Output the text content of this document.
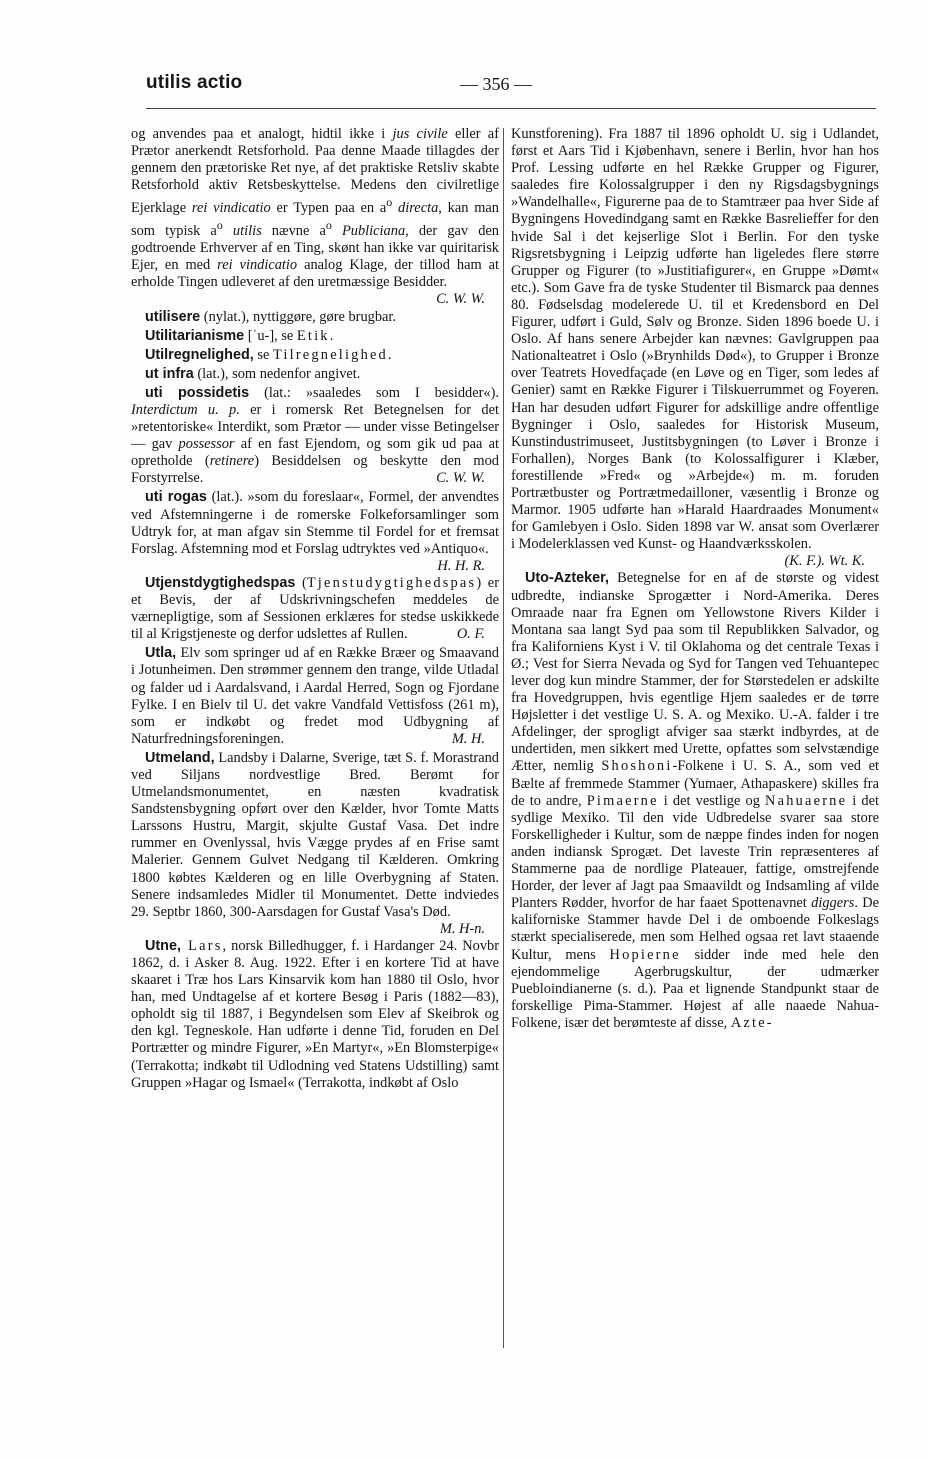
utilis actio	— 356 —

og anvendes paa et analogt, hidtil ikke i jus civile eller af Prætor anerkendt Retsforhold. Paa denne Maade tillagdes der gennem den prætoriske Ret nye, af det praktiske Retsliv skabte Retsforhold aktiv Retsbeskyttelse. Medens den civilretlige Ejerklage rei vindicatio er Typen paa en $a^o$ directa, kan man som typisk $a^o$ utilis nævne $a^o$ Publiciana, der gav den godtroende Erhverver af en Ting, skønt han ikke var quiritarisk Ejer, en med rei vindicatio analog Klage, der tillod ham at erholde Tingen udleveret af den uretmæssige Besidder.
C. W. W.

utilisere (nylat.), nyttiggøre, gøre brugbar.

Utilitarianisme [ˈu-], se Etik.

Utilregnelighed, se Tilregnelighed.

ut infra (lat.), som nedenfor angivet.

uti possidetis (lat.: »saaledes som I besidder«). Interdictum u. p. er i romersk Ret Betegnelsen for det »retentoriske« Interdikt, som Prætor — under visse Betingelser — gav possessor af en fast Ejendom, og som gik ud paa at opretholde (retinere) Besiddelsen og beskytte den mod Forstyrrelse.	C. W. W.

uti rogas (lat.). »som du foreslaar«, Formel, der anvendtes ved Afstemningerne i de romerske Folkeforsamlinger som Udtryk for, at man afgav sin Stemme til Fordel for et fremsat Forslag. Afstemning mod et Forslag udtryktes ved »Antiquo«.
H. H. R.

Utjenstdygtighedspas (Tjenstudygtighedspas) er et Bevis, der af Udskrivningschefen meddeles de værnepligtige, som af Sessionen erklæres for stedse uskikkede til al Krigstjeneste og derfor udslettes af Rullen.	O. F.

Utla, Elv som springer ud af en Række Bræer og Smaavand i Jotunheimen. Den strømmer gennem den trange, vilde Utladal og falder ud i Aardalsvand, i Aardal Herred, Sogn og Fjordane Fylke. I en Bielv til U. det vakre Vandfald Vettisfoss (261 m), som er indkøbt og fredet mod Udbygning af Naturfredningsforeningen.	M. H.

Utmeland, Landsby i Dalarne, Sverige, tæt S. f. Morastrand ved Siljans nordvestlige Bred. Berømt for Utmelandsmonumentet, en næsten kvadratisk Sandstensbygning opført over den Kælder, hvor Tomte Matts Larssons Hustru, Margit, skjulte Gustaf Vasa. Det indre rummer en Ovenlyssal, hvis Vægge prydes af en Frise samt Malerier. Gennem Gulvet Nedgang til Kælderen. Omkring 1800 købtes Kælderen og en lille Overbygning af Staten. Senere indsamledes Midler til Monumentet. Dette indviedes 29. Septbr 1860, 300-Aarsdagen for Gustaf Vasa's Død.
M. H-n.

Utne, Lars, norsk Billedhugger, f. i Hardanger 24. Novbr 1862, d. i Asker 8. Aug. 1922. Efter i en kortere Tid at have skaaret i Træ hos Lars Kinsarvik kom han 1880 til Oslo, hvor han, med Undtagelse af et kortere Besøg i Paris (1882—83), opholdt sig til 1887, i Begyndelsen som Elev af Skeibrok og den kgl. Tegneskole. Han udførte i denne Tid, foruden en Del Portrætter og mindre Figurer, »En Martyr«, »En Blomsterpige« (Terrakotta; indkøbt til Udlodning ved Statens Udstilling) samt Gruppen »Hagar og Ismael« (Terrakotta, indkøbt af Oslo

Kunstforening). Fra 1887 til 1896 opholdt U. sig i Udlandet, først et Aars Tid i Kjøbenhavn, senere i Berlin, hvor han hos Prof. Lessing udførte en hel Række Grupper og Figurer, saaledes fire Kolossalgrupper i den ny Rigsdagsbygnings »Wandelhalle«, Figurerne paa de to Stamtræer paa hver Side af Bygningens Hovedindgang samt en Række Basrelieffer for den hvide Sal i det kejserlige Slot i Berlin. For den tyske Rigsretsbygning i Leipzig udførte han ligeledes flere større Grupper og Figurer (to »Justitiafigurer«, en Gruppe »Dømt« etc.). Som Gave fra de tyske Studenter til Bismarck paa dennes 80. Fødselsdag modelerede U. til et Kredensbord en Del Figurer, udført i Guld, Sølv og Bronze. Siden 1896 boede U. i Oslo. Af hans senere Arbejder kan nævnes: Gavlgruppen paa Nationalteatret i Oslo (»Brynhilds Død«), to Grupper i Bronze over Teatrets Hovedfaçade (en Løve og en Tiger, som ledes af Genier) samt en Række Figurer i Tilskuerrummet og Foyeren. Han har desuden udført Figurer for adskillige andre offentlige Bygninger i Oslo, saaledes for Historisk Museum, Kunstindustrimuseet, Justitsbygningen (to Løver i Bronze i Forhallen), Norges Bank (to Kolossalfigurer i Klæber, forestillende »Fred« og »Arbejde«) m. m. foruden Portrætbuster og Portrætmedailloner, væsentlig i Bronze og Marmor. 1905 udførte han »Harald Haardraades Monument« for Gamlebyen i Oslo. Siden 1898 var W. ansat som Overlærer i Modelerklassen ved Kunst- og Haandværksskolen.
(K. F.). Wt. K.

Uto-Azteker, Betegnelse for en af de største og videst udbredte, indianske Sprogætter i Nord-Amerika. Deres Omraade naar fra Egnen om Yellowstone Rivers Kilder i Montana saa langt Syd paa som til Republikken Salvador, og fra Kaliforniens Kyst i V. til Oklahoma og det centrale Texas i Ø.; Vest for Sierra Nevada og Syd for Tangen ved Tehuantepec lever dog kun mindre Stammer, der for Størstedelen er adskilte fra Hovedgruppen, hvis egentlige Hjem saaledes er de tørre Højsletter i det vestlige U. S. A. og Mexiko. U.-A. falder i tre Afdelinger, der sprogligt afviger saa stærkt indbyrdes, at de undertiden, men sikkert med Urette, opfattes som selvstændige Ætter, nemlig Shoshoni-Folkene i U. S. A., som ved et Bælte af fremmede Stammer (Yumaer, Athapaskere) skilles fra de to andre, Pimaerne i det vestlige og Nahuaerne i det sydlige Mexiko. Til den vide Udbredelse svarer saa store Forskelligheder i Kultur, som de næppe findes inden for nogen anden indiansk Sprogæt. Det laveste Trin repræsenteres af Stammerne paa de nordlige Plateauer, fattige, omstrejfende Horder, der lever af Jagt paa Smaavildt og Indsamling af vilde Planters Rødder, hvorfor de har faaet Spottenavnet diggers. De kaliforniske Stammer havde Del i de omboende Folkeslags stærkt specialiserede, men som Helhed ogsaa ret lavt staaende Kultur, mens Hopierne sidder inde med hele den ejendommelige Agerbrugskultur, der udmærker Puebloindianerne (s. d.). Paa et lignende Standpunkt staar de forskellige Pima-Stammer. Højest af alle naaede Nahua-Folkene, især det berømteste af disse, Azte-
